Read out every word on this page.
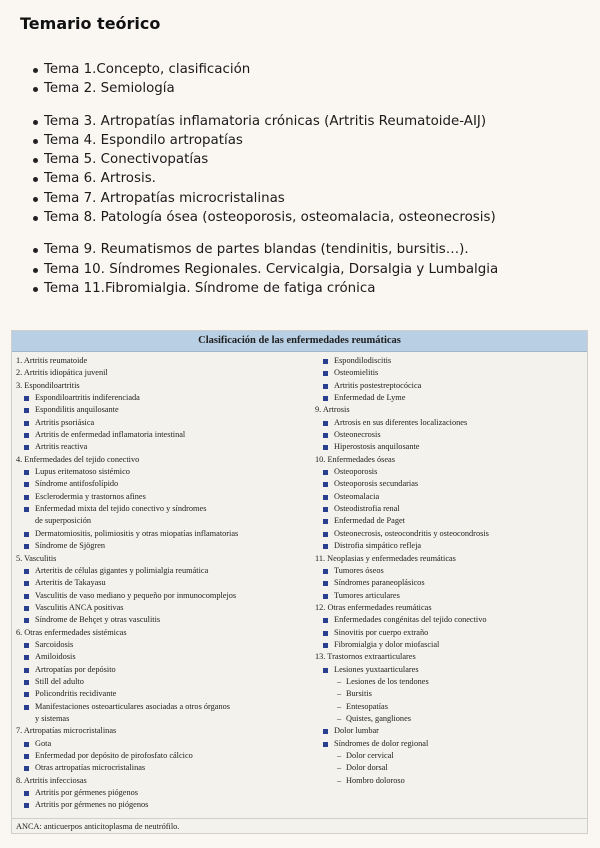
Temario teórico
Tema 1.Concepto, clasificación
Tema 2. Semiología
Tema 3. Artropatías inflamatoria crónicas (Artritis Reumatoide-AIJ)
Tema 4. Espondilo artropatías
Tema 5. Conectivopatías
Tema 6. Artrosis.
Tema 7. Artropatías microcristalinas
Tema 8. Patología ósea (osteoporosis, osteomalacia, osteonecrosis)
Tema 9. Reumatismos de partes blandas (tendinitis, bursitis…).
Tema 10. Síndromes Regionales. Cervicalgia, Dorsalgia y Lumbalgia
Tema 11.Fibromialgia. Síndrome de fatiga crónica
Clasificación de las enfermedades reumáticas
1. Artritis reumatoide
2. Artritis idiopática juvenil
3. Espondiloartritis
Espondiloartritis indiferenciada
Espondilitis anquilosante
Artritis psoriásica
Artritis de enfermedad inflamatoria intestinal
Artritis reactiva
4. Enfermedades del tejido conectivo
Lupus eritematoso sistémico
Síndrome antifosfolípido
Esclerodermia y trastornos afines
Enfermedad mixta del tejido conectivo y síndromes
de superposición
Dermatomiositis, polimiositis y otras miopatías inflamatorias
Síndrome de Sjögren
5. Vasculitis
Arteritis de células gigantes y polimialgia reumática
Arteritis de Takayasu
Vasculitis de vaso mediano y pequeño por inmunocomplejos
Vasculitis ANCA positivas
Síndrome de Behçet y otras vasculitis
6. Otras enfermedades sistémicas
Sarcoidosis
Amiloidosis
Artropatías por depósito
Still del adulto
Policondritis recidivante
Manifestaciones osteoarticulares asociadas a otros órganos
y sistemas
7. Artropatías microcristalinas
Gota
Enfermedad por depósito de pirofosfato cálcico
Otras artropatías microcristalinas
8. Artritis infecciosas
Artritis por gérmenes piógenos
Artritis por gérmenes no piógenos
Espondilodiscitis
Osteomielitis
Artritis postestreptocócica
Enfermedad de Lyme
9. Artrosis
Artrosis en sus diferentes localizaciones
Osteonecrosis
Hiperostosis anquilosante
10. Enfermedades óseas
Osteoporosis
Osteoporosis secundarias
Osteomalacia
Osteodistrofia renal
Enfermedad de Paget
Osteonecrosis, osteocondritis y osteocondrosis
Distrofia simpático refleja
11. Neoplasias y enfermedades reumáticas
Tumores óseos
Síndromes paraneoplásicos
Tumores articulares
12. Otras enfermedades reumáticas
Enfermedades congénitas del tejido conectivo
Sinovitis por cuerpo extraño
Fibromialgia y dolor miofascial
13. Trastornos extraarticulares
Lesiones yuxtaarticulares
– Lesiones de los tendones
– Bursitis
– Entesopatías
– Quistes, gangliones
Dolor lumbar
Síndromes de dolor regional
– Dolor cervical
– Dolor dorsal
– Hombro doloroso
ANCA: anticuerpos anticitoplasma de neutrófilo.
